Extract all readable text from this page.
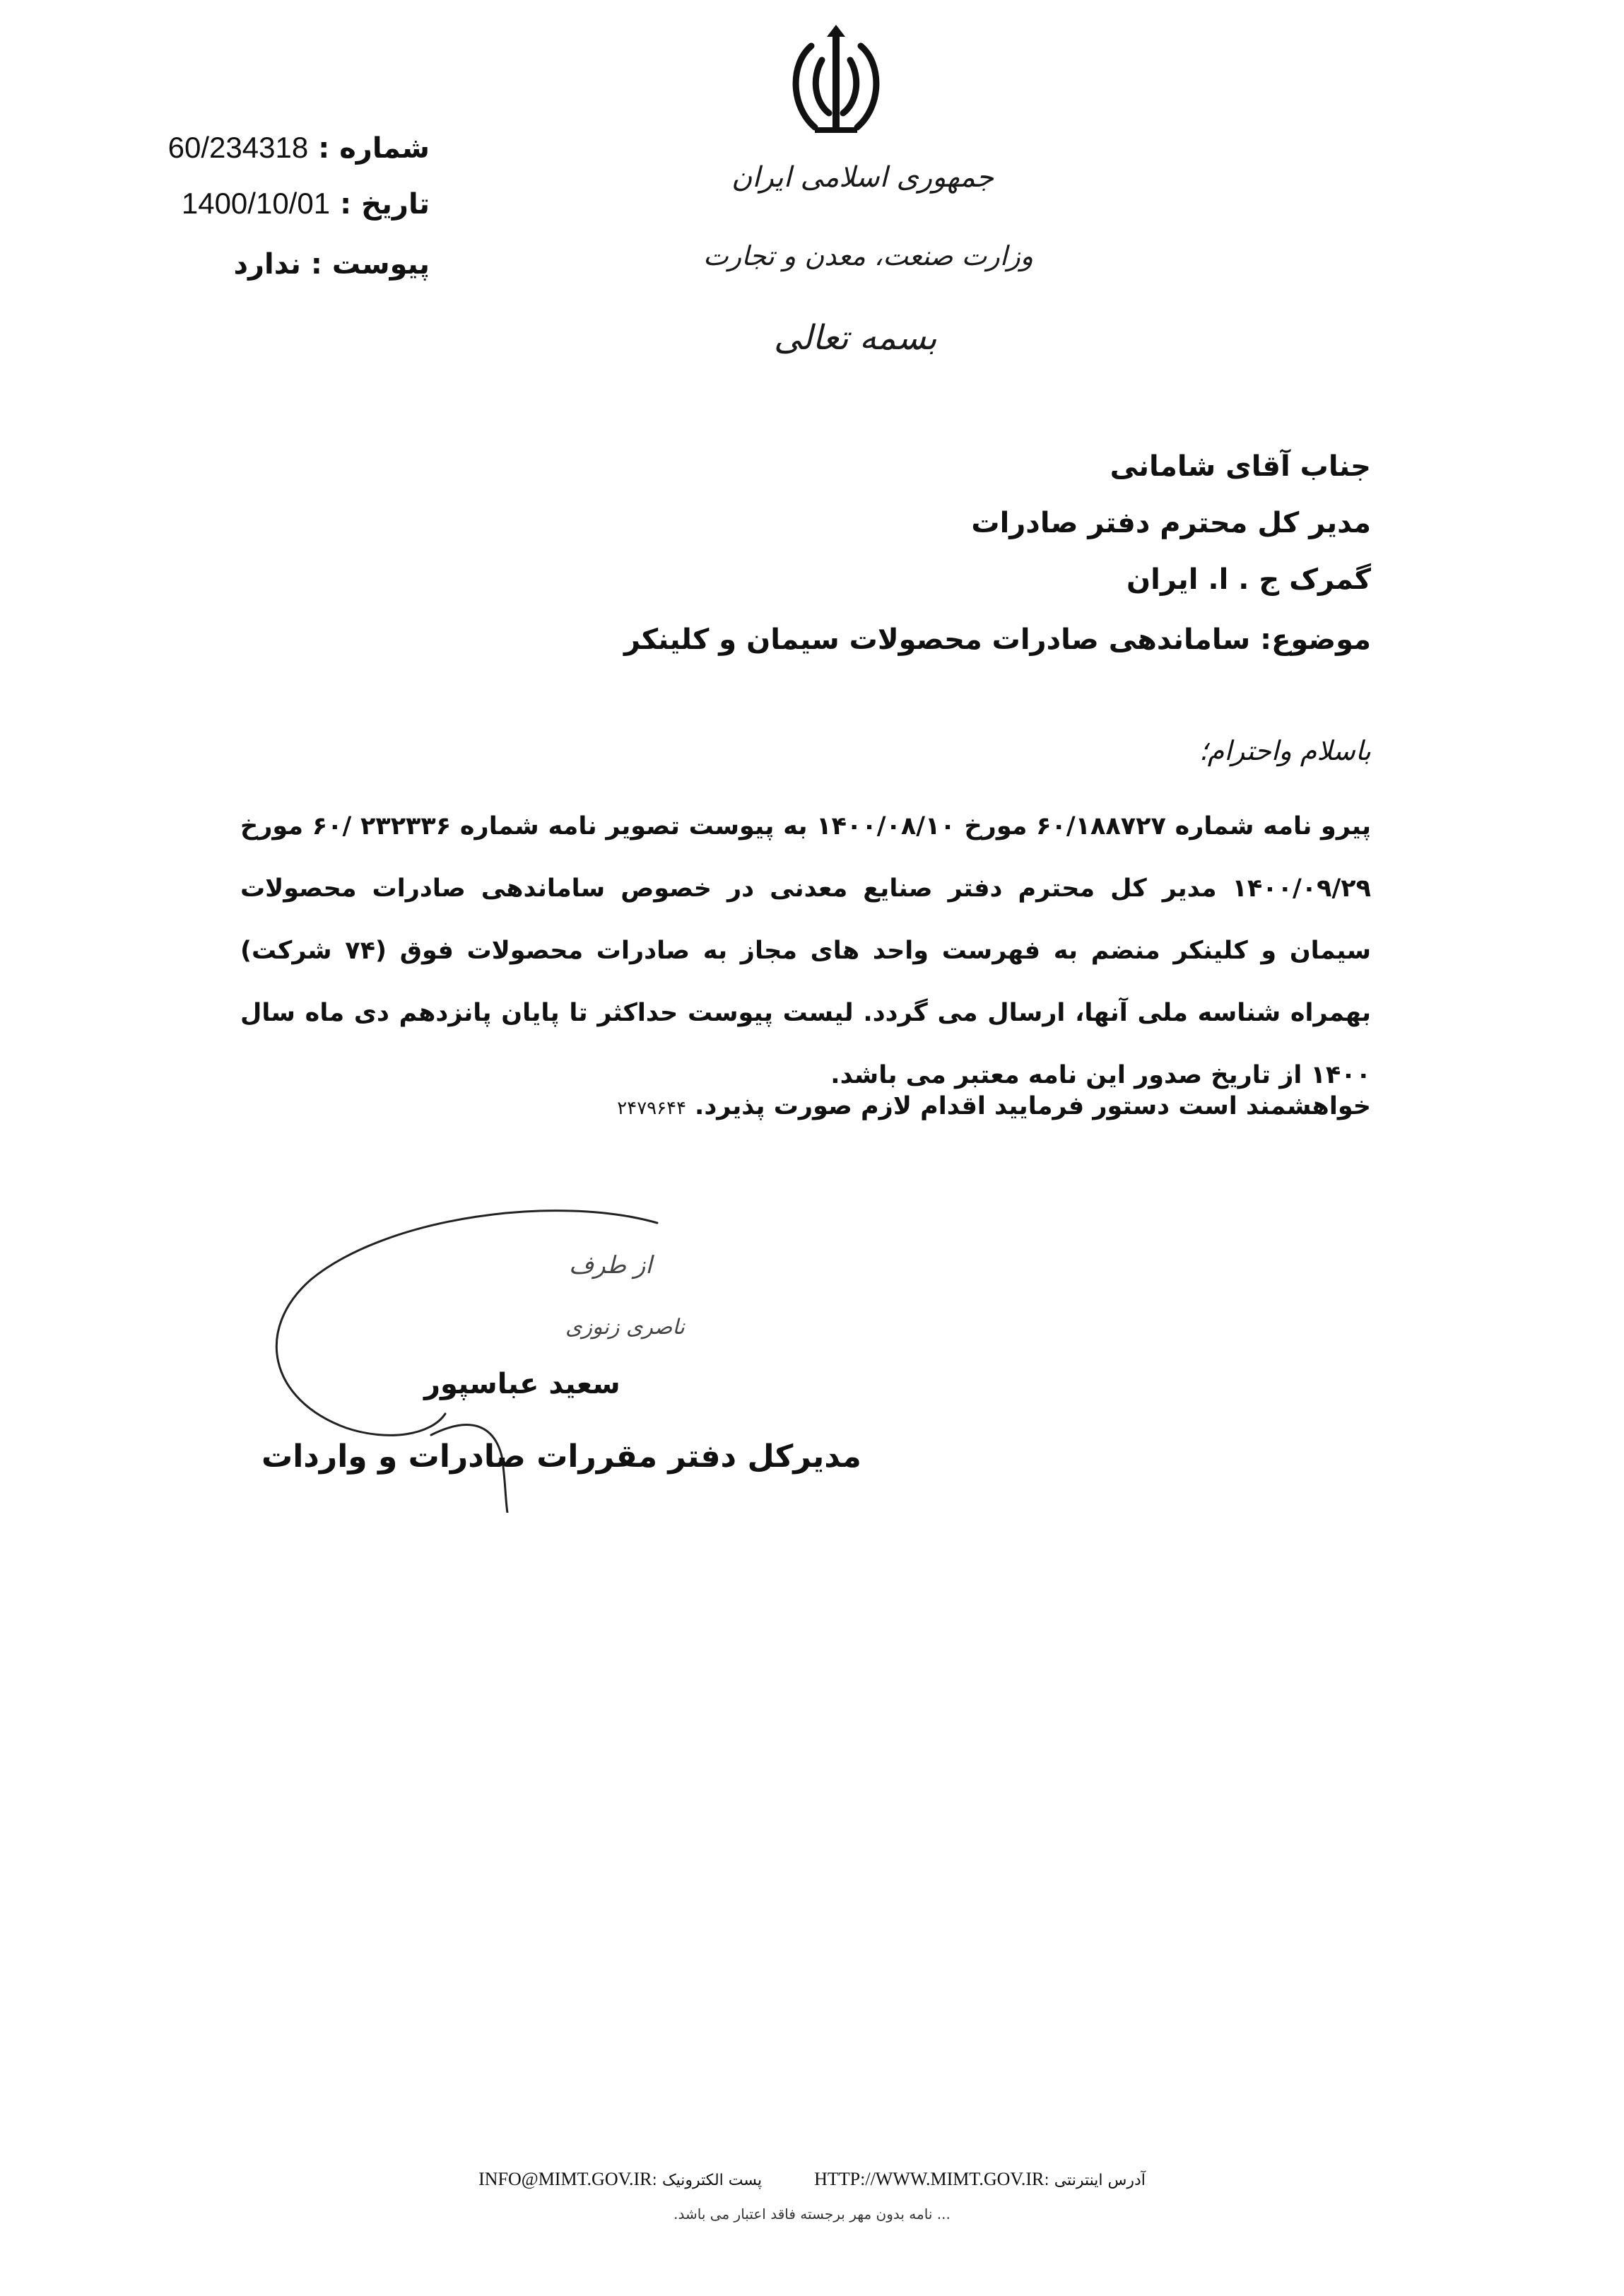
شماره:60/234318
تاریخ:1400/10/01
پیوست:ندارد
جمهوری اسلامی ایران
وزارت صنعت، معدن و تجارت
بسمه تعالی
جناب آقای شامانی
مدیر کل محترم دفتر صادرات
گمرک ج . ا. ایران
موضوع: ساماندهی صادرات محصولات سیمان و کلینکر
باسلام واحترام؛
پیرو نامه شماره ۶۰/۱۸۸۷۲۷ مورخ ۱۴۰۰/۰۸/۱۰ به پیوست تصویر نامه شماره ۲۳۲۳۳۶ /۶۰ مورخ ۱۴۰۰/۰۹/۲۹ مدیر کل محترم دفتر صنایع معدنی در خصوص ساماندهی صادرات محصولات سیمان و کلینکر منضم به فهرست واحد های مجاز به صادرات محصولات فوق (۷۴ شرکت) بهمراه شناسه ملی آنها، ارسال می گردد. لیست پیوست حداکثر تا پایان پانزدهم دی ماه سال ۱۴۰۰ از تاریخ صدور این نامه معتبر می باشد.
خواهشمند است دستور فرمایید اقدام لازم صورت پذیرد.۲۴۷۹۶۴۴
از طرف
ناصری زنوزی
سعید عباسپور
مدیرکل دفتر مقررات صادرات و واردات
INFO@MIMT.GOV.IR: پست الکترونیک	HTTP://WWW.MIMT.GOV.IR: آدرس اینترنتی
... نامه بدون مهر برجسته فاقد اعتبار می باشد.
